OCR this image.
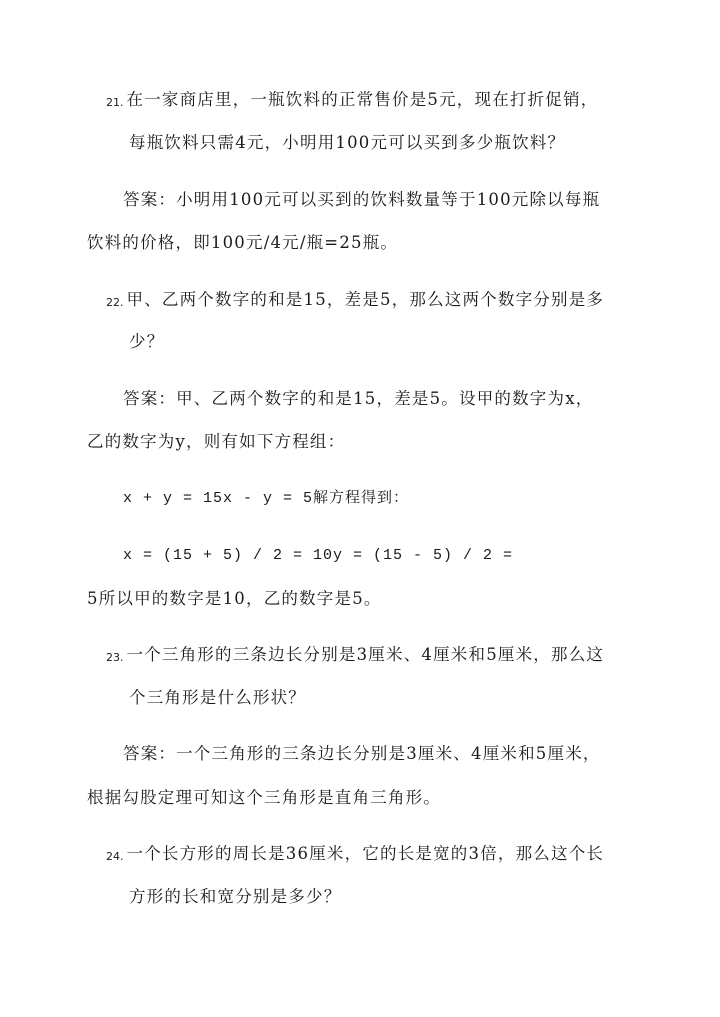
21. 在一家商店里，一瓶饮料的正常售价是5元，现在打折促销，
每瓶饮料只需4元，小明用100元可以买到多少瓶饮料？
答案：小明用100元可以买到的饮料数量等于100元除以每瓶
饮料的价格，即100元/4元/瓶=25瓶。
22. 甲、乙两个数字的和是15，差是5，那么这两个数字分别是多
少？
答案：甲、乙两个数字的和是15，差是5。设甲的数字为x，
乙的数字为y，则有如下方程组：
x + y = 15x - y = 5解方程得到：
x = (15 + 5) / 2 = 10y = (15 - 5) / 2 =
5所以甲的数字是10，乙的数字是5。
23. 一个三角形的三条边长分别是3厘米、4厘米和5厘米，那么这
个三角形是什么形状？
答案：一个三角形的三条边长分别是3厘米、4厘米和5厘米，
根据勾股定理可知这个三角形是直角三角形。
24. 一个长方形的周长是36厘米，它的长是宽的3倍，那么这个长
方形的长和宽分别是多少？
